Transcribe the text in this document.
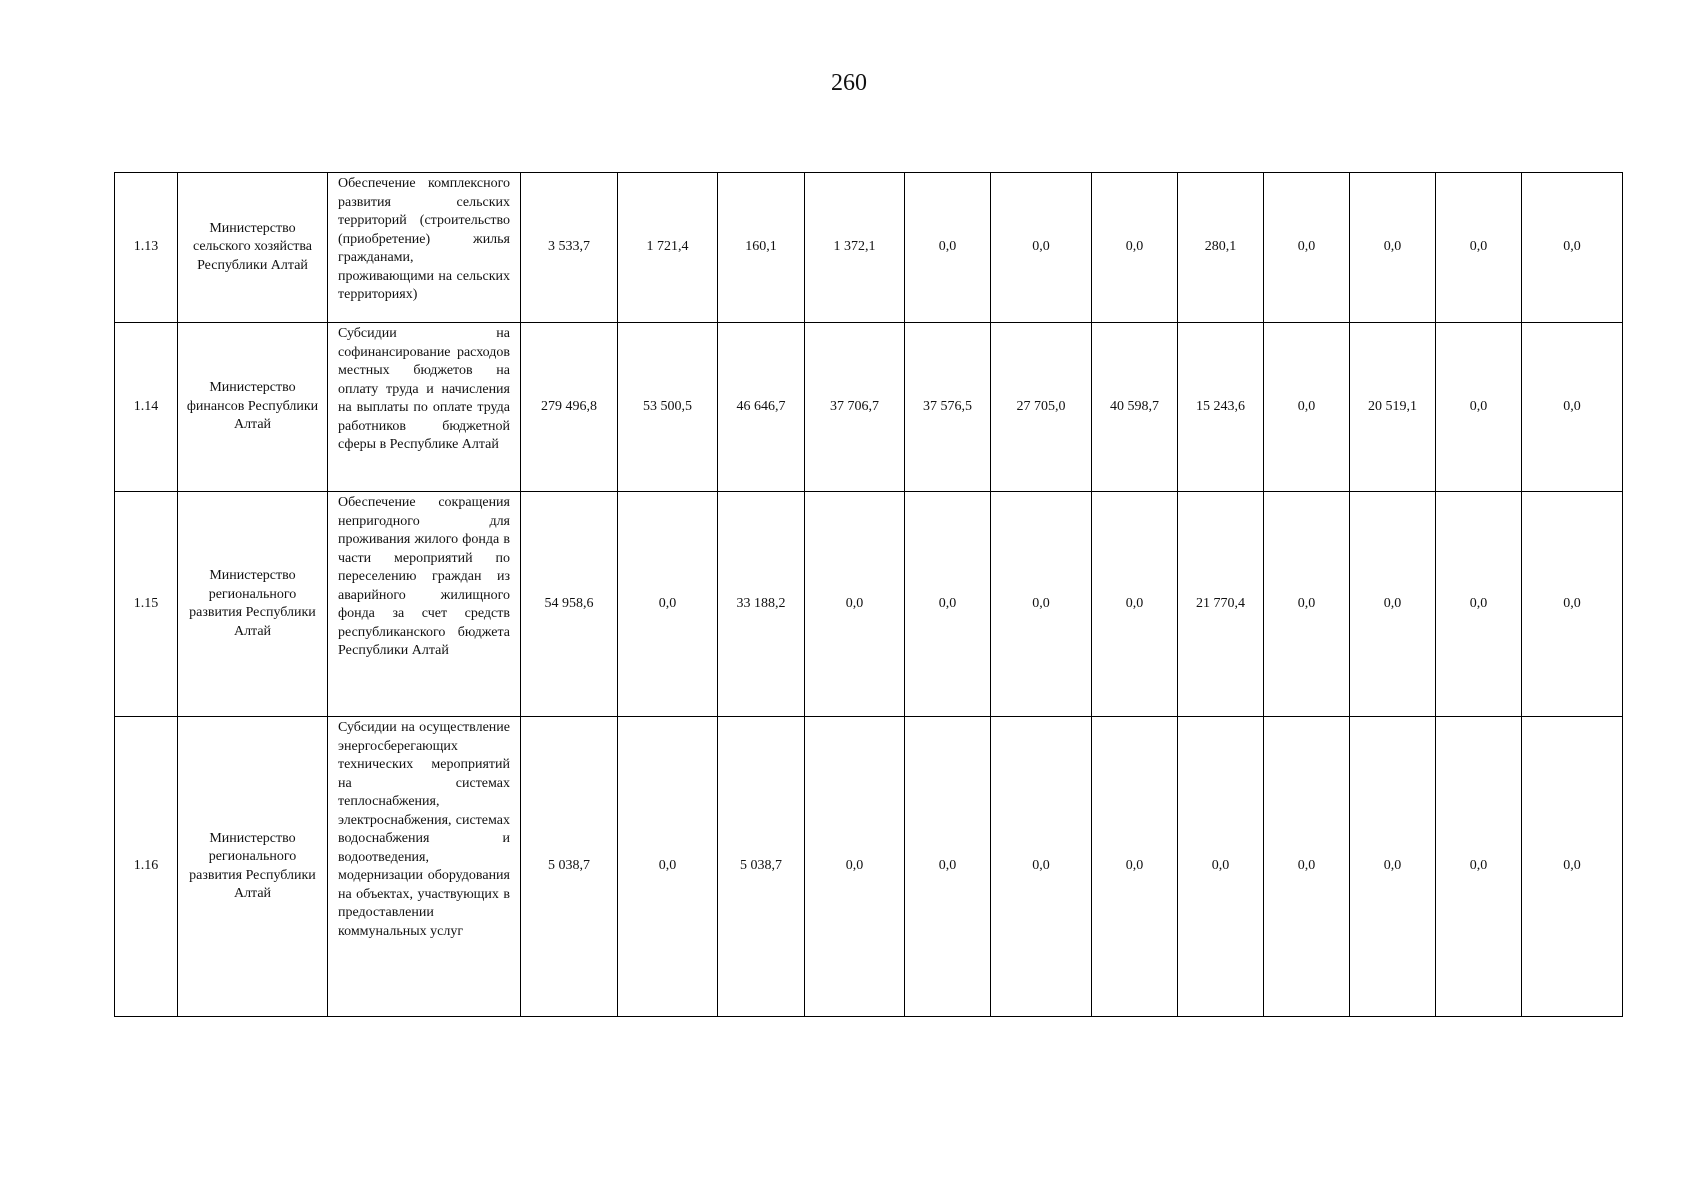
260
1.13	Министерство сельского хозяйства Республики Алтай	Обеспечение комплексного развития сельских территорий (строительство (приобретение) жилья гражданами, проживающими на сельских территориях)	3 533,7	1 721,4	160,1	1 372,1	0,0	0,0	0,0	280,1	0,0	0,0	0,0	0,0
1.14	Министерство финансов Республики Алтай	Субсидии на софинансирование расходов местных бюджетов на оплату труда и начисления на выплаты по оплате труда работников бюджетной сферы в Республике Алтай	279 496,8	53 500,5	46 646,7	37 706,7	37 576,5	27 705,0	40 598,7	15 243,6	0,0	20 519,1	0,0	0,0
1.15	Министерство регионального развития Республики Алтай	Обеспечение сокращения непригодного для проживания жилого фонда в части мероприятий по переселению граждан из аварийного жилищного фонда за счет средств республиканского бюджета Республики Алтай	54 958,6	0,0	33 188,2	0,0	0,0	0,0	0,0	21 770,4	0,0	0,0	0,0	0,0
1.16	Министерство регионального развития Республики Алтай	Субсидии на осуществление энергосберегающих технических мероприятий на системах теплоснабжения, электроснабжения, системах водоснабжения и водоотведения, модернизации оборудования на объектах, участвующих в предоставлении коммунальных услуг	5 038,7	0,0	5 038,7	0,0	0,0	0,0	0,0	0,0	0,0	0,0	0,0	0,0
